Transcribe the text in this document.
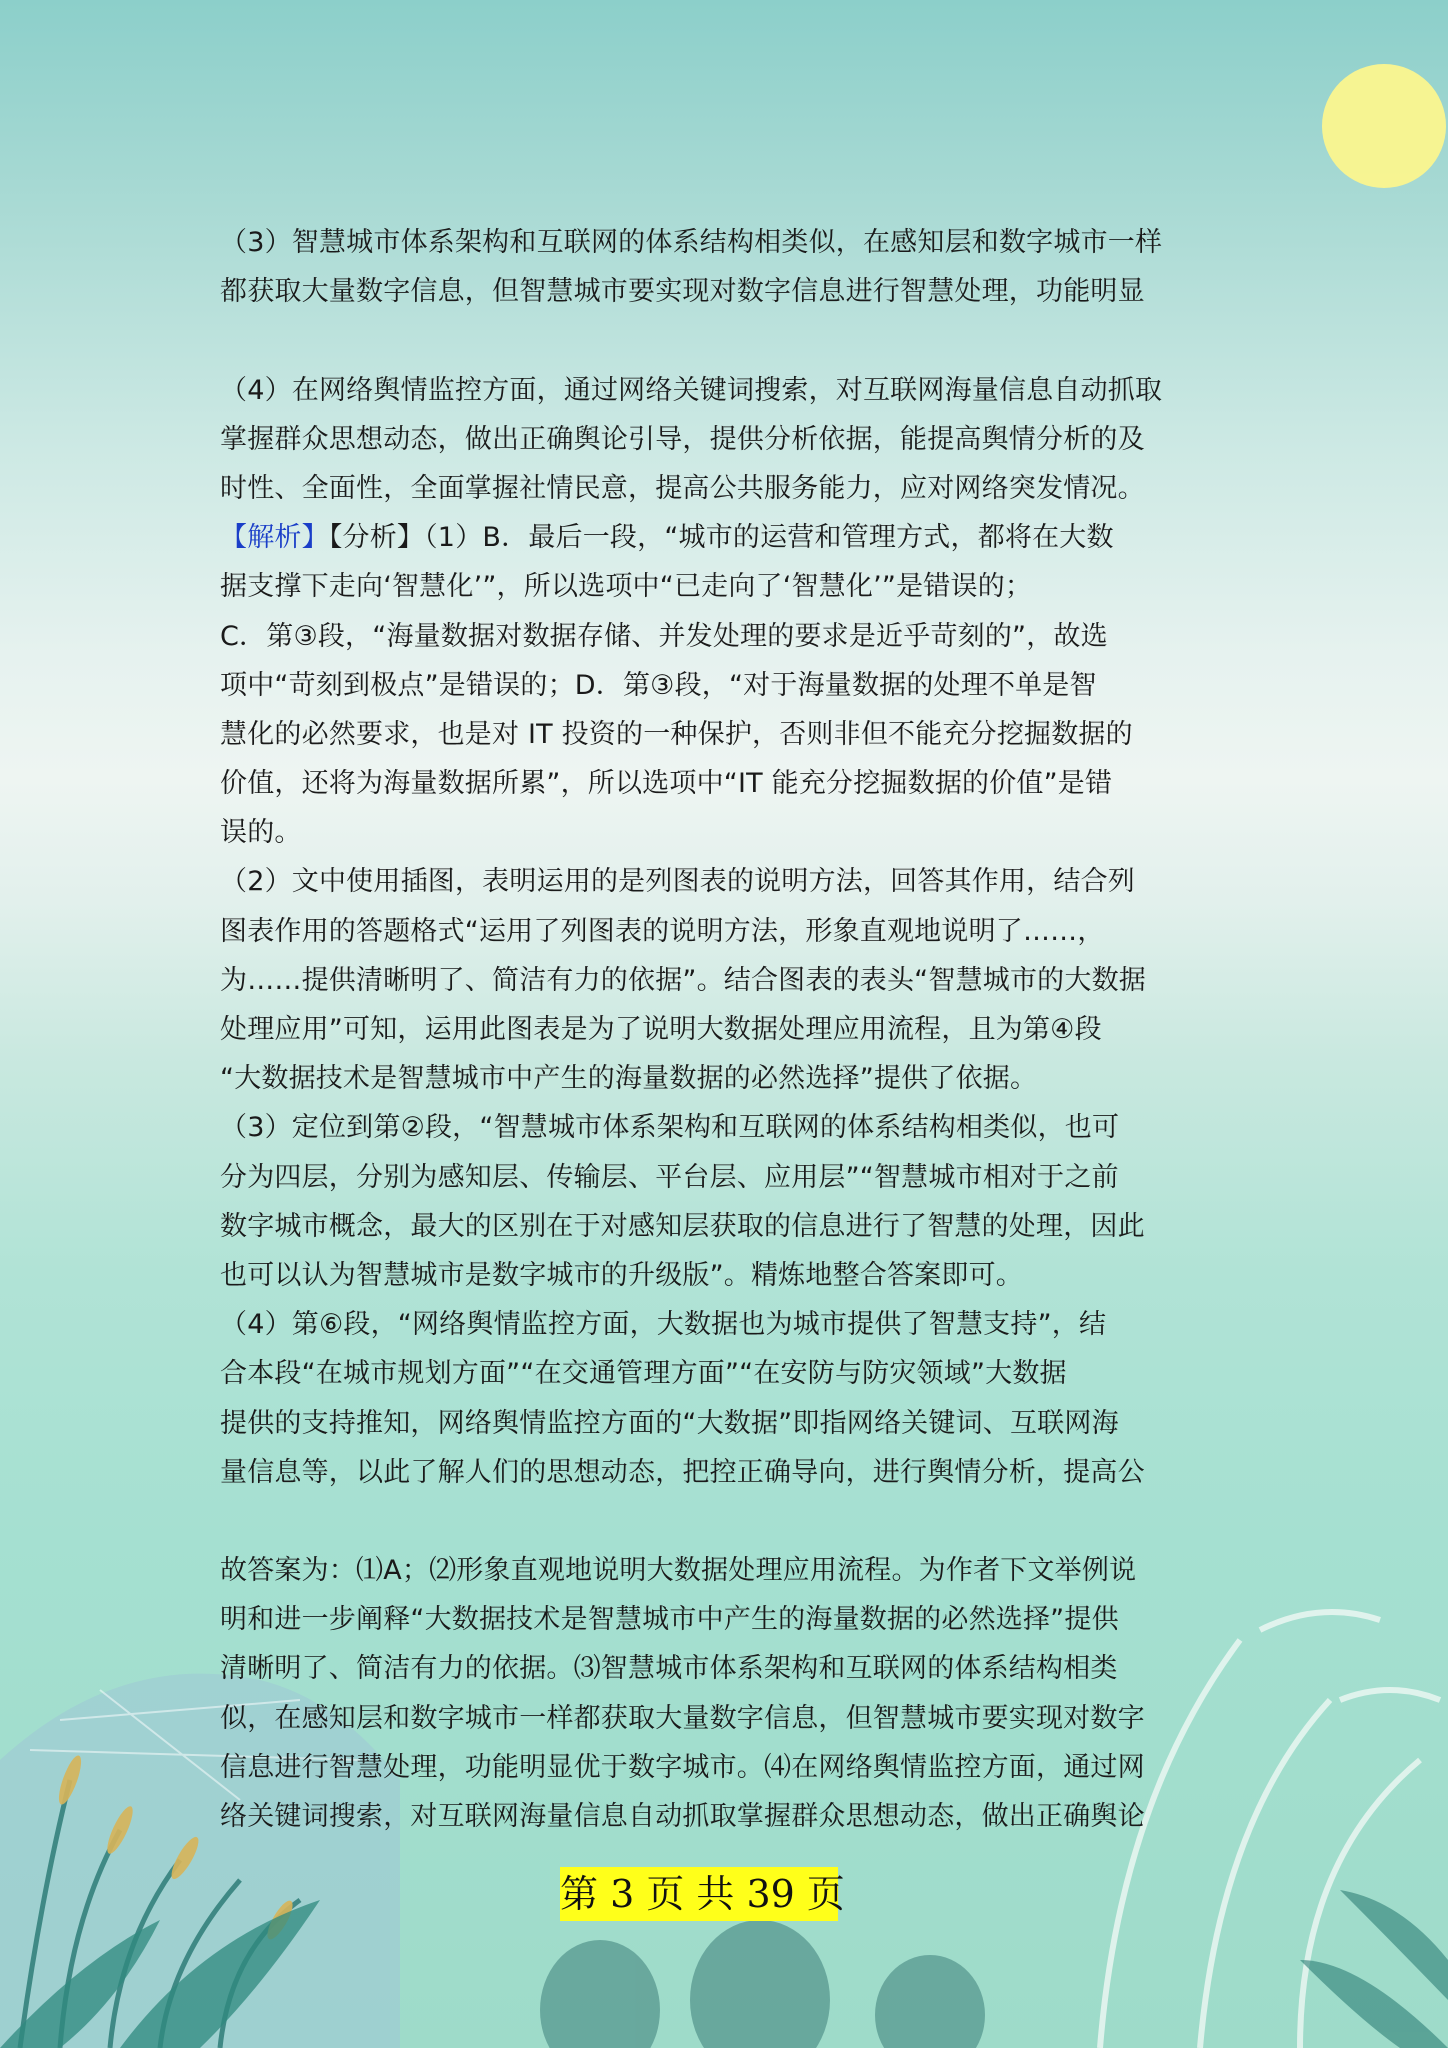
（3）智慧城市体系架构和互联网的体系结构相类似，在感知层和数字城市一样
都获取大量数字信息，但智慧城市要实现对数字信息进行智慧处理，功能明显
（4）在网络舆情监控方面，通过网络关键词搜索，对互联网海量信息自动抓取
掌握群众思想动态，做出正确舆论引导，提供分析依据，能提高舆情分析的及
时性、全面性，全面掌握社情民意，提高公共服务能力，应对网络突发情况。
【解析】【分析】（1）B．最后一段，“城市的运营和管理方式，都将在大数
据支撑下走向‘智慧化’”，所以选项中“已走向了‘智慧化’”是错误的；
C．第③段，“海量数据对数据存储、并发处理的要求是近乎苛刻的”，故选
项中“苛刻到极点”是错误的；D．第③段，“对于海量数据的处理不单是智
慧化的必然要求，也是对 IT 投资的一种保护，否则非但不能充分挖掘数据的
价值，还将为海量数据所累”，所以选项中“IT 能充分挖掘数据的价值”是错
误的。
（2）文中使用插图，表明运用的是列图表的说明方法，回答其作用，结合列
图表作用的答题格式“运用了列图表的说明方法，形象直观地说明了……，
为……提供清晰明了、简洁有力的依据”。结合图表的表头“智慧城市的大数据
处理应用”可知，运用此图表是为了说明大数据处理应用流程，且为第④段
“大数据技术是智慧城市中产生的海量数据的必然选择”提供了依据。
（3）定位到第②段，“智慧城市体系架构和互联网的体系结构相类似，也可
分为四层，分别为感知层、传输层、平台层、应用层”“智慧城市相对于之前
数字城市概念，最大的区别在于对感知层获取的信息进行了智慧的处理，因此
也可以认为智慧城市是数字城市的升级版”。精炼地整合答案即可。
（4）第⑥段，“网络舆情监控方面，大数据也为城市提供了智慧支持”，结
合本段“在城市规划方面”“在交通管理方面”“在安防与防灾领域”大数据
提供的支持推知，网络舆情监控方面的“大数据”即指网络关键词、互联网海
量信息等，以此了解人们的思想动态，把控正确导向，进行舆情分析，提高公
故答案为：⑴A；⑵形象直观地说明大数据处理应用流程。为作者下文举例说
明和进一步阐释“大数据技术是智慧城市中产生的海量数据的必然选择”提供
清晰明了、简洁有力的依据。⑶智慧城市体系架构和互联网的体系结构相类
似，在感知层和数字城市一样都获取大量数字信息，但智慧城市要实现对数字
信息进行智慧处理，功能明显优于数字城市。⑷在网络舆情监控方面，通过网
络关键词搜索，对互联网海量信息自动抓取掌握群众思想动态，做出正确舆论
第 3 页 共 39 页
